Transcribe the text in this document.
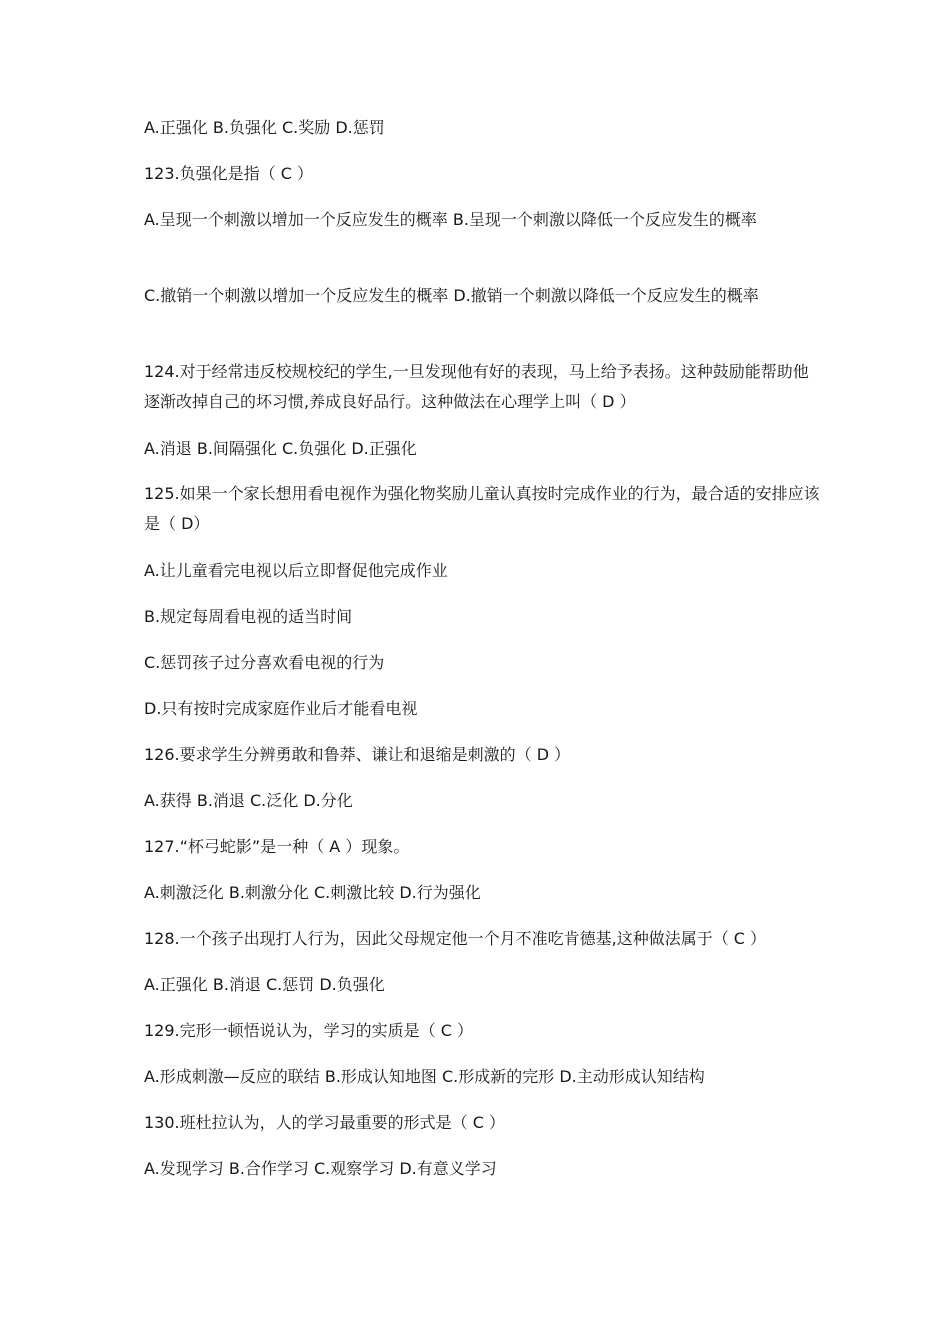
A.正强化 B.负强化 C.奖励 D.惩罚
123.负强化是指（ C ）
A.呈现一个刺激以增加一个反应发生的概率 B.呈现一个刺激以降低一个反应发生的概率
C.撤销一个刺激以增加一个反应发生的概率 D.撤销一个刺激以降低一个反应发生的概率
124.对于经常违反校规校纪的学生,一旦发现他有好的表现，马上给予表扬。这种鼓励能帮助他逐渐改掉自己的坏习惯,养成良好品行。这种做法在心理学上叫（ D ）
A.消退 B.间隔强化 C.负强化 D.正强化
125.如果一个家长想用看电视作为强化物奖励儿童认真按时完成作业的行为，最合适的安排应该是（ D）
A.让儿童看完电视以后立即督促他完成作业
B.规定每周看电视的适当时间
C.惩罚孩子过分喜欢看电视的行为
D.只有按时完成家庭作业后才能看电视
126.要求学生分辨勇敢和鲁莽、谦让和退缩是刺激的（ D ）
A.获得 B.消退 C.泛化 D.分化
127.“杯弓蛇影”是一种（ A ）现象。
A.刺激泛化 B.刺激分化 C.刺激比较 D.行为强化
128.一个孩子出现打人行为，因此父母规定他一个月不准吃肯德基,这种做法属于（ C ）
A.正强化 B.消退 C.惩罚 D.负强化
129.完形一顿悟说认为，学习的实质是（ C ）
A.形成刺激—反应的联结 B.形成认知地图 C.形成新的完形 D.主动形成认知结构
130.班杜拉认为，人的学习最重要的形式是（ C ）
A.发现学习 B.合作学习 C.观察学习 D.有意义学习
